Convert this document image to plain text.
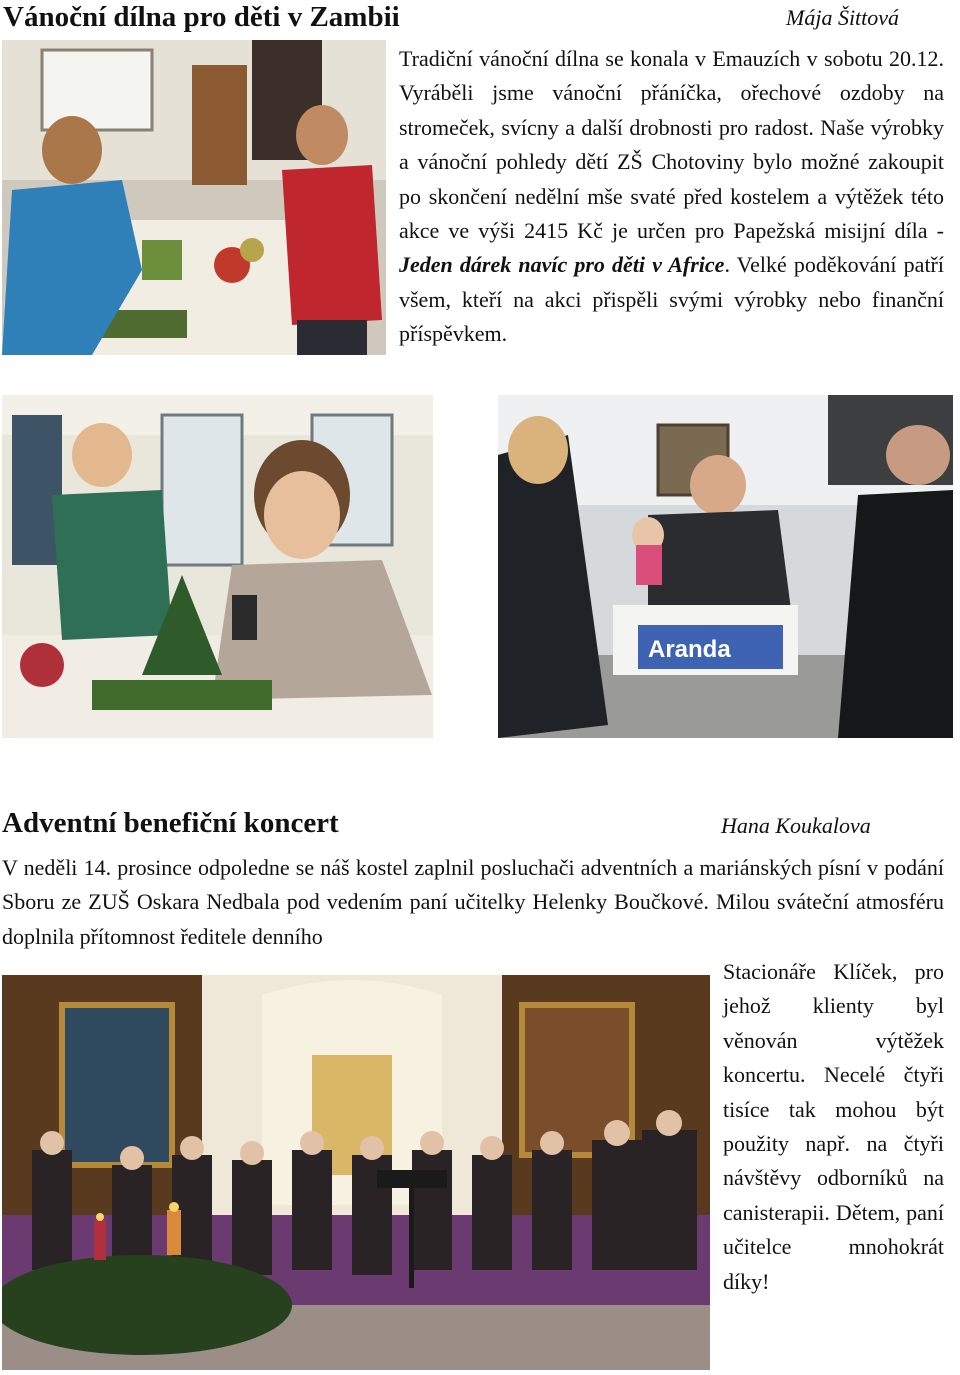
Vánoční dílna pro děti v Zambii	Mája Šittová

Tradiční vánoční dílna se konala v Emauzích v sobotu 20.12. Vyráběli jsme vánoční přáníčka, ořechové ozdoby na stromeček, svícny a další drobnosti pro radost. Naše výrobky a vánoční pohledy dětí ZŠ Chotoviny bylo možné zakoupit po skončení nedělní mše svaté před kostelem a výtěžek této akce ve výši 2415 Kč je určen pro Papežská misijní díla - Jeden dárek navíc pro děti v Africe. Velké poděkování patří všem, kteří na akci přispěli svými výrobky nebo finanční příspěvkem.

Aranda
Adventní benefiční koncert	Hana Koukalova

V neděli 14. prosince odpoledne se náš kostel zaplnil posluchači adventních a mariánských písní v podání Sboru ze ZUŠ Oskara Nedbala pod vedením paní učitelky Helenky Boučkové. Milou sváteční atmosféru doplnila přítomnost ředitele denního

Stacionáře Klíček, pro jehož klienty byl věnován výtěžek koncertu. Necelé čtyři tisíce tak mohou být použity např. na čtyři návštěvy odborníků na canisterapii. Dětem, paní učitelce mnohokrát díky!
